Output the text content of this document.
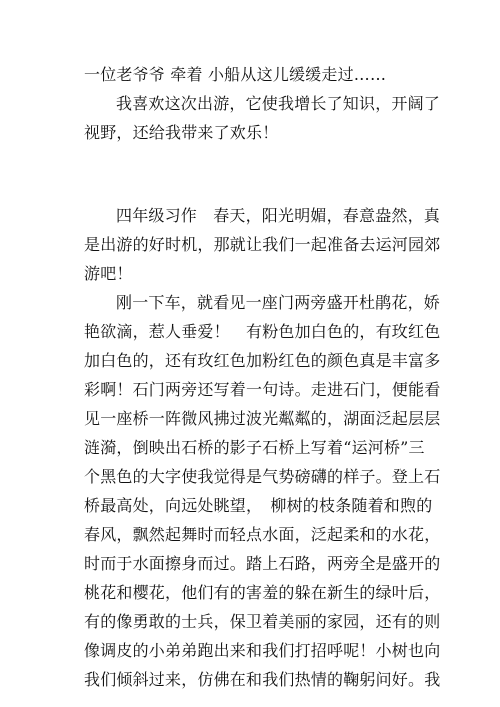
一位老爷爷 牵着 小船从这儿缓缓走过……
我喜欢这次出游，它使我增长了知识，开阔了
视野，还给我带来了欢乐！
四年级习作　春天，阳光明媚，春意盎然，真
是出游的好时机，那就让我们一起准备去运河园郊
游吧！
刚一下车，就看见一座门两旁盛开杜鹃花，娇
艳欲滴，惹人垂爱！　有粉色加白色的，有玫红色
加白色的，还有玫红色加粉红色的颜色真是丰富多
彩啊！石门两旁还写着一句诗。走进石门，便能看
见一座桥一阵微风拂过波光粼粼的，湖面泛起层层
涟漪，倒映出石桥的影子石桥上写着“运河桥”三
个黑色的大字使我觉得是气势磅礴的样子。登上石
桥最高处，向远处眺望，　柳树的枝条随着和煦的
春风，飘然起舞时而轻点水面，泛起柔和的水花，
时而于水面擦身而过。踏上石路，两旁全是盛开的
桃花和樱花，他们有的害羞的躲在新生的绿叶后，
有的像勇敢的士兵，保卫着美丽的家园，还有的则
像调皮的小弟弟跑出来和我们打招呼呢！小树也向
我们倾斜过来，仿佛在和我们热情的鞠躬问好。我
